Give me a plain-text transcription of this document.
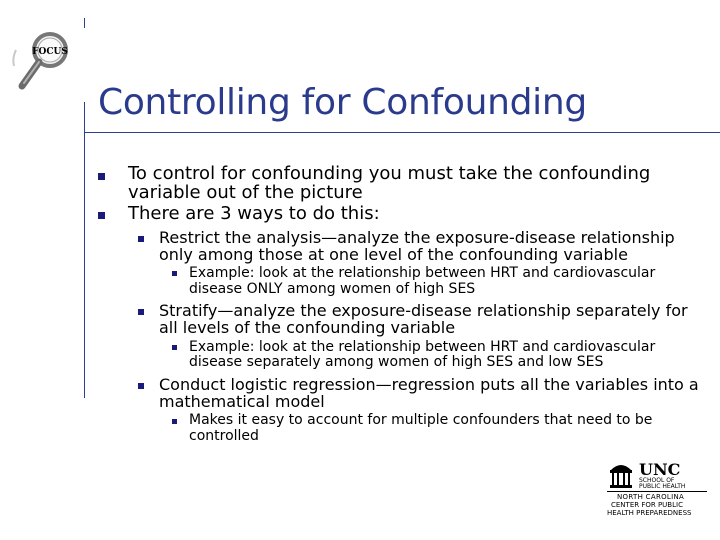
FOCUS
Controlling for Confounding
To control for confounding you must take the confounding
variable out of the picture
There are 3 ways to do this:
Restrict the analysis—analyze the exposure-disease relationship
only among those at one level of the confounding variable
Example: look at the relationship between HRT and cardiovascular
disease ONLY among women of high SES
Stratify—analyze the exposure-disease relationship separately for
all levels of the confounding variable
Example: look at the relationship between HRT and cardiovascular
disease separately among women of high SES and low SES
Conduct logistic regression—regression puts all the variables into a
mathematical model
Makes it easy to account for multiple confounders that need to be
controlled
UNC
SCHOOL OF
PUBLIC HEALTH
NORTH CAROLINA
CENTER FOR PUBLIC
HEALTH PREPAREDNESS
